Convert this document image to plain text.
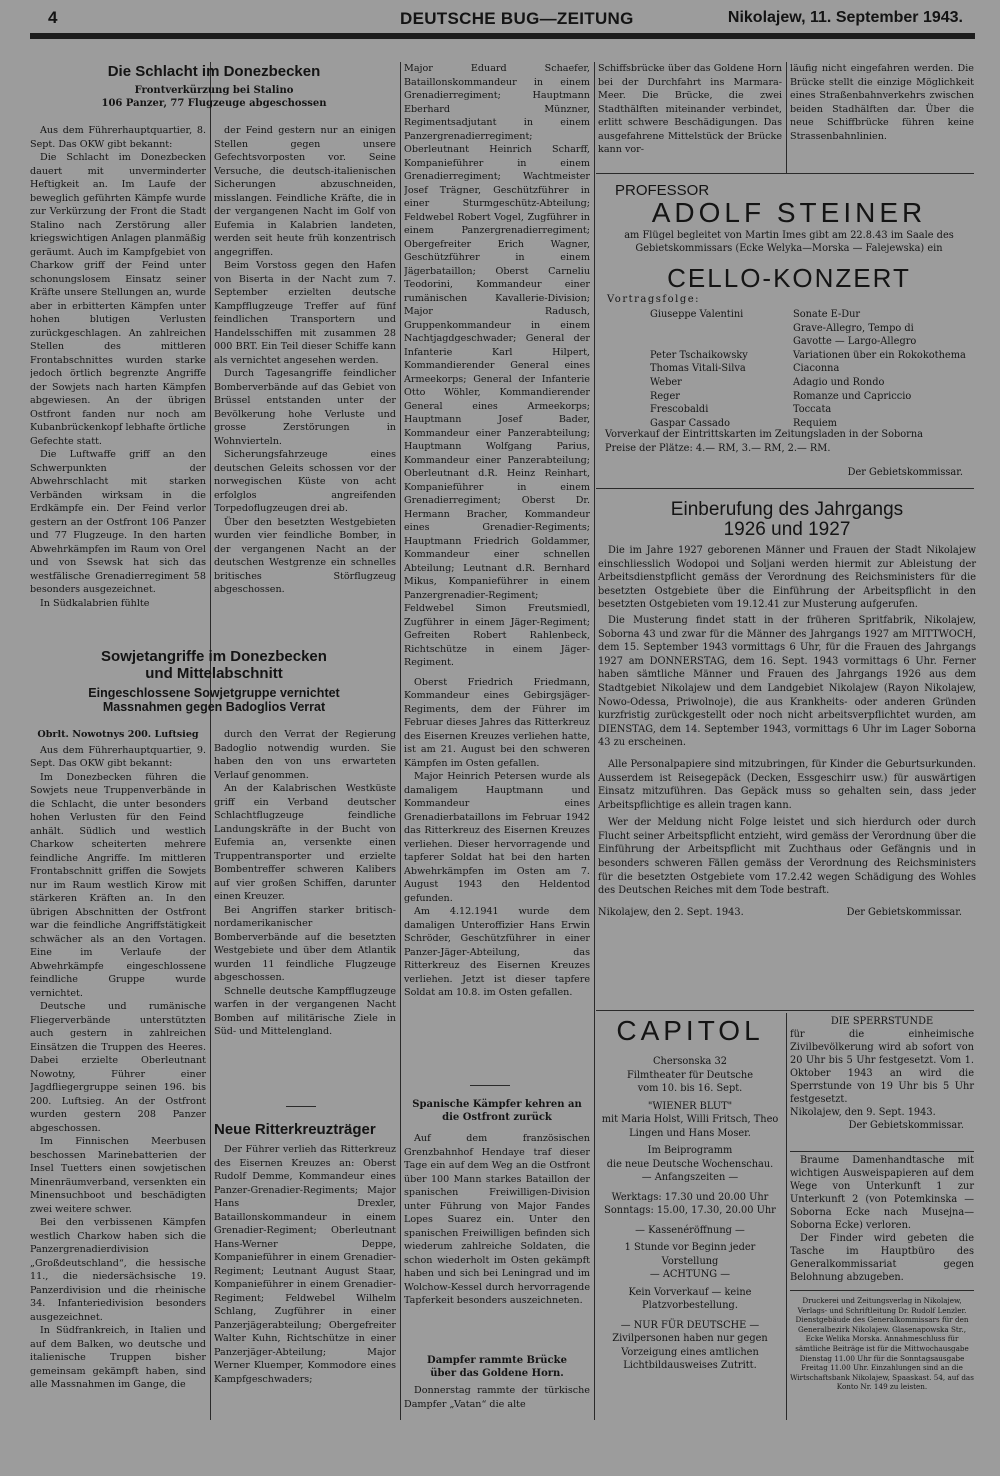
4	DEUTSCHE BUG—ZEITUNG	Nikolajew, 11. September 1943.
Die Schlacht im Donezbecken
Frontverkürzung bei Stalino
106 Panzer, 77 Flugzeuge abgeschossen

Aus dem Führerhauptquartier, 8. Sept. Das OKW gibt bekannt:

Die Schlacht im Donezbecken dauert mit unverminderter Heftigkeit an. Im Laufe der beweglich geführten Kämpfe wurde zur Verkürzung der Front die Stadt Stalino nach Zerstörung aller kriegswichtigen Anlagen planmäßig geräumt. Auch im Kampfgebiet von Charkow griff der Feind unter schonungslosem Einsatz seiner Kräfte unsere Stellungen an, wurde aber in erbitterten Kämpfen unter hohen blutigen Verlusten zurückgeschlagen. An zahlreichen Stellen des mittleren Frontabschnittes wurden starke jedoch örtlich begrenzte Angriffe der Sowjets nach harten Kämpfen abgewiesen. An der übrigen Ostfront fanden nur noch am Kubanbrückenkopf lebhafte örtliche Gefechte statt.

Die Luftwaffe griff an den Schwerpunkten der Abwehrschlacht mit starken Verbänden wirksam in die Erdkämpfe ein. Der Feind verlor gestern an der Ostfront 106 Panzer und 77 Flugzeuge. In den harten Abwehrkämpfen im Raum von Orel und von Ssewsk hat sich das westfälische Grenadierregiment 58 besonders ausgezeichnet.

In Südkalabrien fühlte

der Feind gestern nur an einigen Stellen gegen unsere Gefechtsvorposten vor. Seine Versuche, die deutsch-italienischen Sicherungen abzuschneiden, misslangen. Feindliche Kräfte, die in der vergangenen Nacht im Golf von Eufemia in Kalabrien landeten, werden seit heute früh konzentrisch angegriffen.

Beim Vorstoss gegen den Hafen von Biserta in der Nacht zum 7. September erzielten deutsche Kampfflugzeuge Treffer auf fünf feindlichen Transportern und Handelsschiffen mit zusammen 28 000 BRT. Ein Teil dieser Schiffe kann als vernichtet angesehen werden.

Durch Tagesangriffe feindlicher Bomberverbände auf das Gebiet von Brüssel entstanden unter der Bevölkerung hohe Verluste und grosse Zerstörungen in Wohnvierteln.

Sicherungsfahrzeuge eines deutschen Geleits schossen vor der norwegischen Küste von acht erfolglos angreifenden Torpedoflugzeugen drei ab.

Über den besetzten Westgebieten wurden vier feindliche Bomber, in der vergangenen Nacht an der deutschen Westgrenze ein schnelles britisches Störflugzeug abgeschossen.

Sowjetangriffe im Donezbecken
und Mittelabschnitt
Eingeschlossene Sowjetgruppe vernichtet
Massnahmen gegen Badoglios Verrat
Obrlt. Nowotnys 200. Luftsieg

Aus dem Führerhauptquartier, 9. Sept. Das OKW gibt bekannt:

Im Donezbecken führen die Sowjets neue Truppenverbände in die Schlacht, die unter besonders hohen Verlusten für den Feind anhält. Südlich und westlich Charkow scheiterten mehrere feindliche Angriffe. Im mittleren Frontabschnitt griffen die Sowjets nur im Raum westlich Kirow mit stärkeren Kräften an. In den übrigen Abschnitten der Ostfront war die feindliche Angriffstätigkeit schwächer als an den Vortagen. Eine im Verlaufe der Abwehrkämpfe eingeschlossene feindliche Gruppe wurde vernichtet.

Deutsche und rumänische Fliegerverbände unterstützten auch gestern in zahlreichen Einsätzen die Truppen des Heeres. Dabei erzielte Oberleutnant Nowotny, Führer einer Jagdfliegergruppe seinen 196. bis 200. Luftsieg. An der Ostfront wurden gestern 208 Panzer abgeschossen.

Im Finnischen Meerbusen beschossen Marinebatterien der Insel Tuetters einen sowjetischen Minenräumverband, versenkten ein Minensuchboot und beschädigten zwei weitere schwer.

Bei den verbissenen Kämpfen westlich Charkow haben sich die Panzergrenadierdivision „Großdeutschland“, die hessische 11., die niedersächsische 19. Panzerdivision und die rheinische 34. Infanteriedivision besonders ausgezeichnet.

In Südfrankreich, in Italien und auf dem Balken, wo deutsche und italienische Truppen bisher gemeinsam gekämpft haben, sind alle Massnahmen im Gange, die

durch den Verrat der Regierung Badoglio notwendig wurden. Sie haben den von uns erwarteten Verlauf genommen.

An der Kalabrischen Westküste griff ein Verband deutscher Schlachtflugzeuge feindliche Landungskräfte in der Bucht von Eufemia an, versenkte einen Truppentransporter und erzielte Bombentreffer schweren Kalibers auf vier großen Schiffen, darunter einen Kreuzer.

Bei Angriffen starker britisch-nordamerikanischer Bomberverbände auf die besetzten Westgebiete und über dem Atlantik wurden 11 feindliche Flugzeuge abgeschossen.

Schnelle deutsche Kampfflugzeuge warfen in der vergangenen Nacht Bomben auf militärische Ziele in Süd- und Mittelengland.

Neue Ritterkreuzträger

Der Führer verlieh das Ritterkreuz des Eisernen Kreuzes an: Oberst Rudolf Demme, Kommandeur eines Panzer-Grenadier-Regiments; Major Hans Drexler, Bataillonskommandeur in einem Grenadier-Regiment; Oberleutnant Hans-Werner Deppe, Kompanieführer in einem Grenadier-Regiment; Leutnant August Staar, Kompanieführer in einem Grenadier-Regiment; Feldwebel Wilhelm Schlang, Zugführer in einer Panzerjägerabteilung; Obergefreiter Walter Kuhn, Richtschütze in einer Panzerjäger-Abteilung; Major Werner Kluemper, Kommodore eines Kampfgeschwaders;

Major Eduard Schaefer, Bataillonskommandeur in einem Grenadierregiment; Hauptmann Eberhard Münzner, Regimentsadjutant in einem Panzergrenadierregiment; Oberleutnant Heinrich Scharff, Kompanieführer in einem Grenadierregiment; Wachtmeister Josef Trägner, Geschützführer in einer Sturmgeschütz-Abteilung; Feldwebel Robert Vogel, Zugführer in einem Panzergrenadierregiment; Obergefreiter Erich Wagner, Geschützführer in einem Jägerbataillon; Oberst Carneliu Teodorini, Kommandeur einer rumänischen Kavallerie-Division; Major Radusch, Gruppenkommandeur in einem Nachtjagdgeschwader; General der Infanterie Karl Hilpert, Kommandierender General eines Armeekorps; General der Infanterie Otto Wöhler, Kommandierender General eines Armeekorps; Hauptmann Josef Bader, Kommandeur einer Panzerabteilung; Hauptmann Wolfgang Parius, Kommandeur einer Panzerabteilung; Oberleutnant d.R. Heinz Reinhart, Kompanieführer in einem Grenadierregiment; Oberst Dr. Hermann Bracher, Kommandeur eines Grenadier-Regiments; Hauptmann Friedrich Goldammer, Kommandeur einer schnellen Abteilung; Leutnant d.R. Bernhard Mikus, Kompanieführer in einem Panzergrenadier-Regiment; Feldwebel Simon Freutsmiedl, Zugführer in einem Jäger-Regiment; Gefreiten Robert Rahlenbeck, Richtschütze in einem Jäger-Regiment.

Oberst Friedrich Friedmann, Kommandeur eines Gebirgsjäger-Regiments, dem der Führer im Februar dieses Jahres das Ritterkreuz des Eisernen Kreuzes verliehen hatte, ist am 21. August bei den schweren Kämpfen im Osten gefallen.

Major Heinrich Petersen wurde als damaligem Hauptmann und Kommandeur eines Grenadierbataillons im Februar 1942 das Ritterkreuz des Eisernen Kreuzes verliehen. Dieser hervorragende und tapferer Soldat hat bei den harten Abwehrkämpfen im Osten am 7. August 1943 den Heldentod gefunden.

Am 4.12.1941 wurde dem damaligen Unteroffizier Hans Erwin Schröder, Geschützführer in einer Panzer-Jäger-Abteilung, das Ritterkreuz des Eisernen Kreuzes verliehen. Jetzt ist dieser tapfere Soldat am 10.8. im Osten gefallen.

Spanische Kämpfer kehren an
die Ostfront zurück

Auf dem französischen Grenzbahnhof Hendaye traf dieser Tage ein auf dem Weg an die Ostfront über 100 Mann starkes Bataillon der spanischen Freiwilligen-Division unter Führung von Major Fandes Lopes Suarez ein. Unter den spanischen Freiwilligen befinden sich wiederum zahlreiche Soldaten, die schon wiederholt im Osten gekämpft haben und sich bei Leningrad und im Wolchow-Kessel durch hervorragende Tapferkeit besonders auszeichneten.

Dampfer rammte Brücke
über das Goldene Horn.

Donnerstag rammte der türkische Dampfer „Vatan“ die alte

Schiffsbrücke über das Goldene Horn bei der Durchfahrt ins Marmara-Meer. Die Brücke, die zwei Stadthälften miteinander verbindet, erlitt schwere Beschädigungen. Das ausgefahrene Mittelstück der Brücke kann vor-
läufig nicht eingefahren werden. Die Brücke stellt die einzige Möglichkeit eines Straßenbahnverkehrs zwischen beiden Stadhälften dar. Über die neue Schiffbrücke führen keine Strassenbahnlinien.
PROFESSOR
ADOLF STEINER
am Flügel begleitet von Martin Imes gibt am 22.8.43 im Saale des Gebietskommissars (Ecke Welyka—Morska — Falejewska) ein
CELLO-KONZERT
Vortragsfolge:
Giuseppe Valentini	Sonate E-Dur
Grave-Allegro, Tempo di
Gavotte — Largo-Allegro
Peter Tschaikowsky	Variationen über ein Rokokothema
Thomas Vitali-Silva	Ciaconna
Weber	Adagio und Rondo
Reger	Romanze und Capriccio
Frescobaldi	Toccata
Gaspar Cassado	Requiem
Vorverkauf der Eintrittskarten im Zeitungsladen in der Soborna
Preise der Plätze: 4.— RM, 3.— RM, 2.— RM.
Der Gebietskommissar.
Einberufung des Jahrgangs
1926 und 1927

Die im Jahre 1927 geborenen Männer und Frauen der Stadt Nikolajew einschliesslich Wodopoi und Soljani werden hiermit zur Ableistung der Arbeitsdienstpflicht gemäss der Verordnung des Reichsministers für die besetzten Ostgebiete über die Einführung der Arbeitspflicht in den besetzten Ostgebieten vom 19.12.41 zur Musterung aufgerufen.

Die Musterung findet statt in der früheren Spritfabrik, Nikolajew, Soborna 43 und zwar für die Männer des Jahrgangs 1927 am MITTWOCH, dem 15. September 1943 vormittags 6 Uhr, für die Frauen des Jahrgangs 1927 am DONNERSTAG, dem 16. Sept. 1943 vormittags 6 Uhr. Ferner haben sämtliche Männer und Frauen des Jahrgangs 1926 aus dem Stadtgebiet Nikolajew und dem Landgebiet Nikolajew (Rayon Nikolajew, Nowo-Odessa, Priwolnoje), die aus Krankheits- oder anderen Gründen kurzfristig zurückgestellt oder noch nicht arbeitsverpflichtet wurden, am DIENSTAG, dem 14. September 1943, vormittags 6 Uhr im Lager Soborna 43 zu erscheinen.

Alle Personalpapiere sind mitzubringen, für Kinder die Geburtsurkunden. Ausserdem ist Reisegepäck (Decken, Essgeschirr usw.) für auswärtigen Einsatz mitzuführen. Das Gepäck muss so gehalten sein, dass jeder Arbeitspflichtige es allein tragen kann.

Wer der Meldung nicht Folge leistet und sich hierdurch oder durch Flucht seiner Arbeitspflicht entzieht, wird gemäss der Verordnung über die Einführung der Arbeitspflicht mit Zuchthaus oder Gefängnis und in besonders schweren Fällen gemäss der Verordnung des Reichsministers für die besetzten Ostgebiete vom 17.2.42 wegen Schädigung des Wohles des Deutschen Reiches mit dem Tode bestraft.

Nikolajew, den 2. Sept. 1943.	Der Gebietskommissar.
CAPITOL
Chersonska 32
Filmtheater für Deutsche
vom 10. bis 16. Sept.
"WIENER BLUT"
mit Maria Holst, Willi Fritsch, Theo Lingen und Hans Moser.
Im Beiprogramm
die neue Deutsche Wochenschau.
— Anfangszeiten —
Werktags: 17.30 und 20.00 Uhr
Sonntags: 15.00, 17.30, 20.00 Uhr
— Kassenéröffnung —
1 Stunde vor Beginn jeder Vorstellung
— ACHTUNG —
Kein Vorverkauf — keine Platzvorbestellung.
— NUR FÜR DEUTSCHE —
Zivilpersonen haben nur gegen Vorzeigung eines amtlichen Lichtbildausweises Zutritt.
DIE SPERRSTUNDE
für die einheimische Zivilbevölkerung wird ab sofort von 20 Uhr bis 5 Uhr festgesetzt. Vom 1. Oktober 1943 an wird die Sperrstunde von 19 Uhr bis 5 Uhr festgesetzt.
Nikolajew, den 9. Sept. 1943.
Der Gebietskommissar.

Braume Damenhandtasche mit wichtigen Ausweispapieren auf dem Wege von Unterkunft 1 zur Unterkunft 2 (von Potemkinska — Soborna Ecke nach Musejna— Soborna Ecke) verloren.

Der Finder wird gebeten die Tasche im Hauptbüro des Generalkommissariat gegen Belohnung abzugeben.

Druckerei und Zeitungsverlag in Nikolajew, Verlags- und Schriftleitung Dr. Rudolf Lenzler. Dienstgebäude des Generalkommissars für den Generalbezirk Nikolajew. Glasenapowska Str., Ecke Welika Morska. Annahmeschluss für sämtliche Beiträge ist für die Mittwochausgabe Dienstag 11.00 Uhr für die Sonntagsausgabe Freitag 11.00 Uhr. Einzahlungen sind an die Wirtschaftsbank Nikolajew, Spaaskast. 54, auf das Konto Nr. 149 zu leisten.
